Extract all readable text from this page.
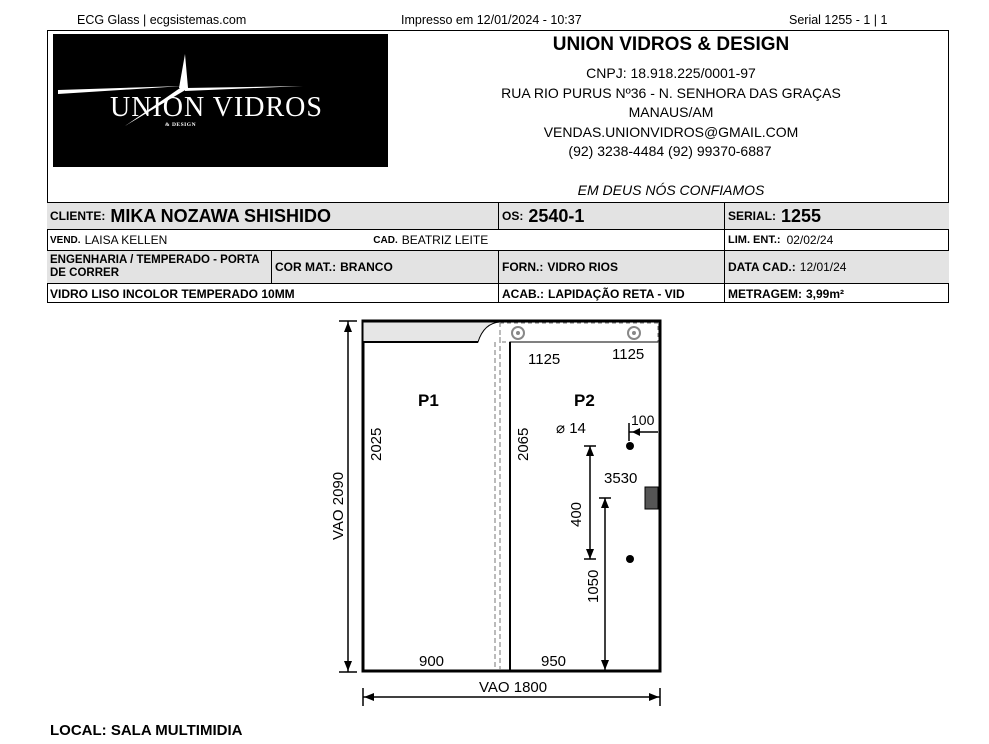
ECG Glass | ecgsistemas.com	Impresso em 12/01/2024 - 10:37	Serial 1255 - 1 | 1
UNION VIDROS
& DESIGN
UNION VIDROS & DESIGN
CNPJ: 18.918.225/0001-97
RUA RIO PURUS Nº36 - N. SENHORA DAS GRAÇAS
MANAUS/AM
VENDAS.UNIONVIDROS@GMAIL.COM
(92) 3238-4484 (92) 99370-6887
EM DEUS NÓS CONFIAMOS
CLIENTE: MIKA NOZAWA SHISHIDO	OS: 2540-1	SERIAL: 1255
VEND. LAISA KELLEN	CAD. BEATRIZ LEITE	LIM. ENT.: 02/02/24
ENGENHARIA / TEMPERADO - PORTA DE CORRER	COR MAT.: BRANCO	FORN.: VIDRO RIOS	DATA CAD.: 12/01/24
VIDRO LISO INCOLOR TEMPERADO 10MM	ACAB.: LAPIDAÇÃO RETA - VID	METRAGEM: 3,99m²
P1	P2
1125	1125
2025	2065 ⌀ 14	100
3530
400
1050
900	950
VAO 2090
VAO 1800
LOCAL: SALA MULTIMIDIA
